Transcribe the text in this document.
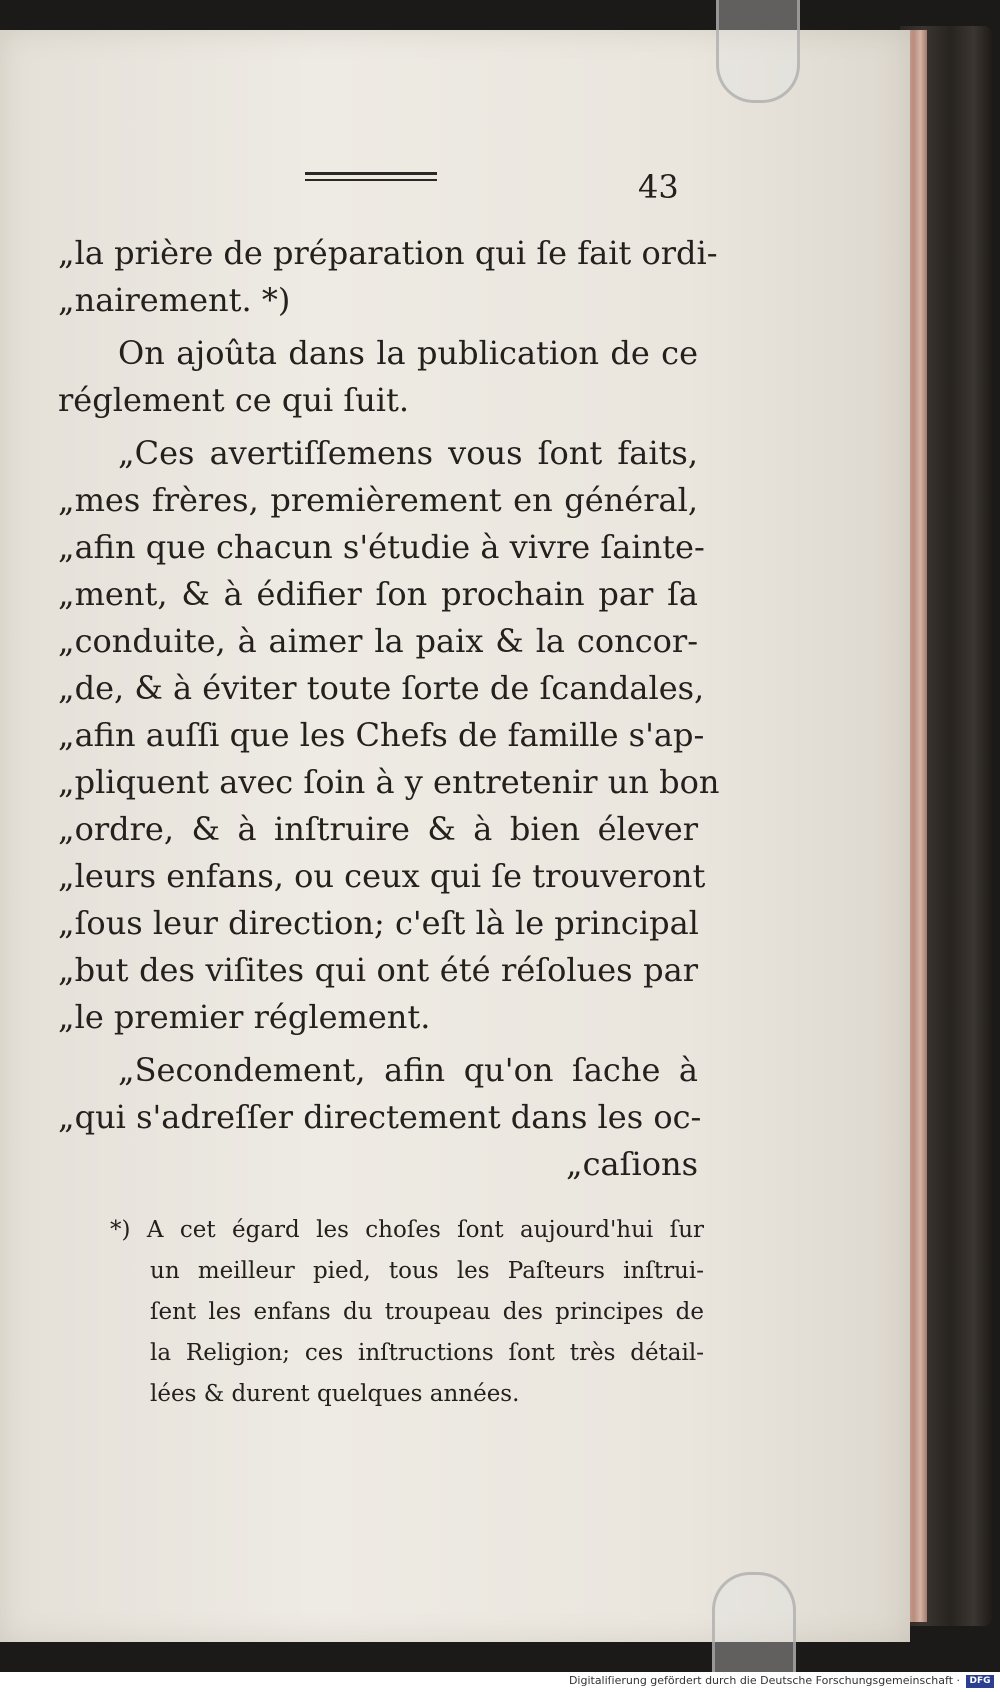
43
„la prière de préparation qui ſe fait ordi-
„nairement. *)
On ajoûta dans la publication de ce
réglement ce qui ſuit.
„Ces avertiſſemens vous ſont faits,
„mes frères, premièrement en général,
„afin que chacun s'étudie à vivre ſainte-
„ment, & à édifier ſon prochain par ſa
„conduite, à aimer la paix & la concor-
„de, & à éviter toute ſorte de ſcandales,
„afin auſſi que les Chefs de famille s'ap-
„pliquent avec ſoin à y entretenir un bon
„ordre, & à inſtruire & à bien élever
„leurs enfans, ou ceux qui ſe trouveront
„ſous leur direction; c'eſt là le principal
„but des viſites qui ont été réſolues par
„le premier réglement.
„Secondement, afin qu'on ſache à
„qui s'adreſſer directement dans les oc-
„caſions
*) A cet égard les choſes ſont aujourd'hui ſur
un meilleur pied, tous les Paſteurs inſtrui-
ſent les enfans du troupeau des principes de
la Religion; ces inſtructions ſont très détail-
lées & durent quelques années.
Digitaliſierung gefördert durch die Deutsche Forschungsgemeinschaft ·	DFG
